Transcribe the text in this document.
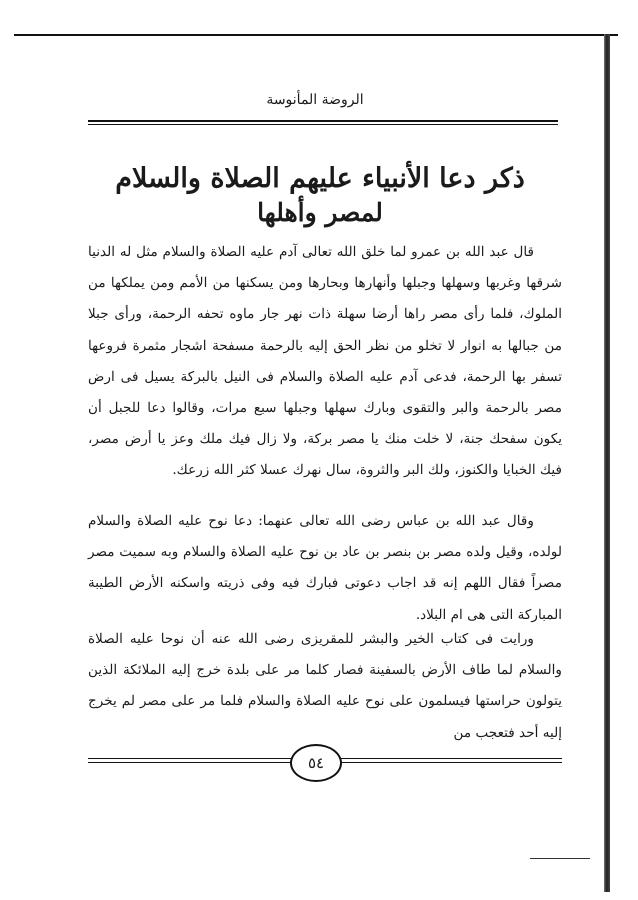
الروضة المأنوسة
ذكر دعا الأنبياء عليهم الصلاة والسلام
لمصر وأهلها
قال عبد الله بن عمرو لما خلق الله تعالى آدم عليه الصلاة والسلام مثل له الدنيا شرقها وغربها وسهلها وجبلها وأنهارها وبحارها ومن يسكنها من الأمم ومن يملكها من الملوك، فلما رأى مصر راها أرضا سهلة ذات نهر جار ماوه تحفه الرحمة، ورأى جبلا من جبالها به انوار لا تخلو من نظر الحق إليه بالرحمة مسفحة اشجار مثمرة فروعها تسفر بها الرحمة، فدعى آدم عليه الصلاة والسلام فى النيل بالبركة يسيل فى ارض مصر بالرحمة والبر والتقوى وبارك سهلها وجبلها سبع مرات، وقالوا دعا للجبل أن يكون سفحك جنة، لا خلت منك يا مصر بركة، ولا زال فيك ملك وعز يا أرض مصر، فيك الخبايا والكنوز، ولك البر والثروة، سال نهرك عسلا كثر الله زرعك.
وقال عبد الله بن عباس رضى الله تعالى عنهما: دعا نوح عليه الصلاة والسلام لولده، وقيل ولده مصر بن بنصر بن عاد بن نوح عليه الصلاة والسلام وبه سميت مصر مصراً فقال اللهم إنه قد اجاب دعوتى فبارك فيه وفى ذريته واسكنه الأرض الطيبة المباركة التى هى ام البلاد.
ورايت فى كتاب الخير والبشر للمقريزى رضى الله عنه أن نوحا عليه الصلاة والسلام لما طاف الأرض بالسفينة فصار كلما مر على بلدة خرج إليه الملائكة الذين يتولون حراستها فيسلمون على نوح عليه الصلاة والسلام فلما مر على مصر لم يخرج إليه أحد فتعجب من
٥٤
